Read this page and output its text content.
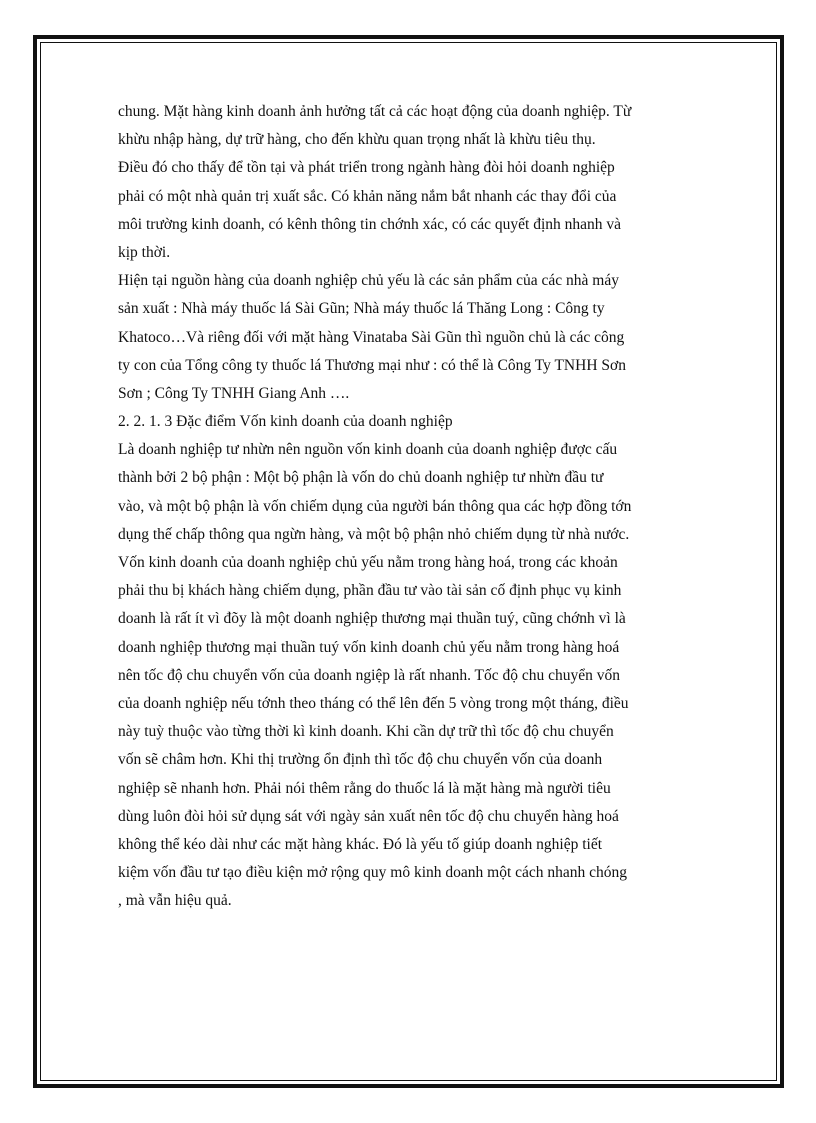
chung. Mặt hàng kinh doanh ảnh hưởng tất cả các hoạt động của doanh nghiệp. Từ
khừu nhập hàng, dự trữ hàng, cho đến khừu quan trọng nhất là khừu tiêu thụ.
Điều đó cho thấy để tồn tại và phát triển trong ngành hàng đòi hỏi doanh nghiệp
phải có một nhà quản trị xuất sắc. Có khản năng nắm bắt nhanh các thay đổi của
môi trường kinh doanh, có kênh thông tin chớnh xác, có các quyết định nhanh và
kịp thời.
Hiện tại nguồn hàng của doanh nghiệp chủ yếu là các sản phẩm của các nhà máy
sản xuất : Nhà máy thuốc lá Sài Gũn; Nhà máy thuốc lá Thăng Long : Công ty
Khatoco…Và riêng đối với mặt hàng Vinataba Sài Gũn thì nguồn chủ là các công
ty con của Tổng công ty thuốc lá Thương mại như : có thể là Công Ty TNHH Sơn
Sơn ; Công Ty TNHH Giang Anh ….
2. 2. 1. 3 Đặc điểm Vốn kinh doanh của doanh nghiệp
Là doanh nghiệp tư nhừn nên nguồn vốn kinh doanh của doanh nghiệp được cấu
thành bởi 2 bộ phận : Một bộ phận là vốn do chủ doanh nghiệp tư nhừn đầu tư
vào, và một bộ phận là vốn chiếm dụng của người bán thông qua các hợp đồng tớn
dụng thế chấp thông qua ngừn hàng, và một bộ phận nhỏ chiếm dụng từ nhà nước.
Vốn kinh doanh của doanh nghiệp chủ yếu nằm trong hàng hoá, trong các khoản
phải thu bị khách hàng chiếm dụng, phần đầu tư vào tài sản cố định phục vụ kinh
doanh là rất ít vì đõy là một doanh nghiệp thương mại thuần tuý, cũng chớnh vì là
doanh nghiệp thương mại thuần tuý vốn kinh doanh chủ yếu nằm trong hàng hoá
nên tốc độ chu chuyển vốn của doanh ngiệp là rất nhanh. Tốc độ chu chuyển vốn
của doanh nghiệp nếu tớnh theo tháng có thể lên đến 5 vòng trong một tháng, điều
này tuỳ thuộc vào từng thời kì kinh doanh. Khi cần dự trữ thì tốc độ chu chuyển
vốn sẽ châm hơn. Khi thị trường ổn định thì tốc độ chu chuyển vốn của doanh
nghiệp sẽ nhanh hơn. Phải nói thêm rằng do thuốc lá là mặt hàng mà người tiêu
dùng luôn đòi hỏi sử dụng sát với ngày sản xuất nên tốc độ chu chuyển hàng hoá
không thể kéo dài như các mặt hàng khác. Đó là yếu tố giúp doanh nghiệp tiết
kiệm vốn đầu tư tạo điều kiện mở rộng quy mô kinh doanh một cách nhanh chóng
, mà vẫn hiệu quả.
